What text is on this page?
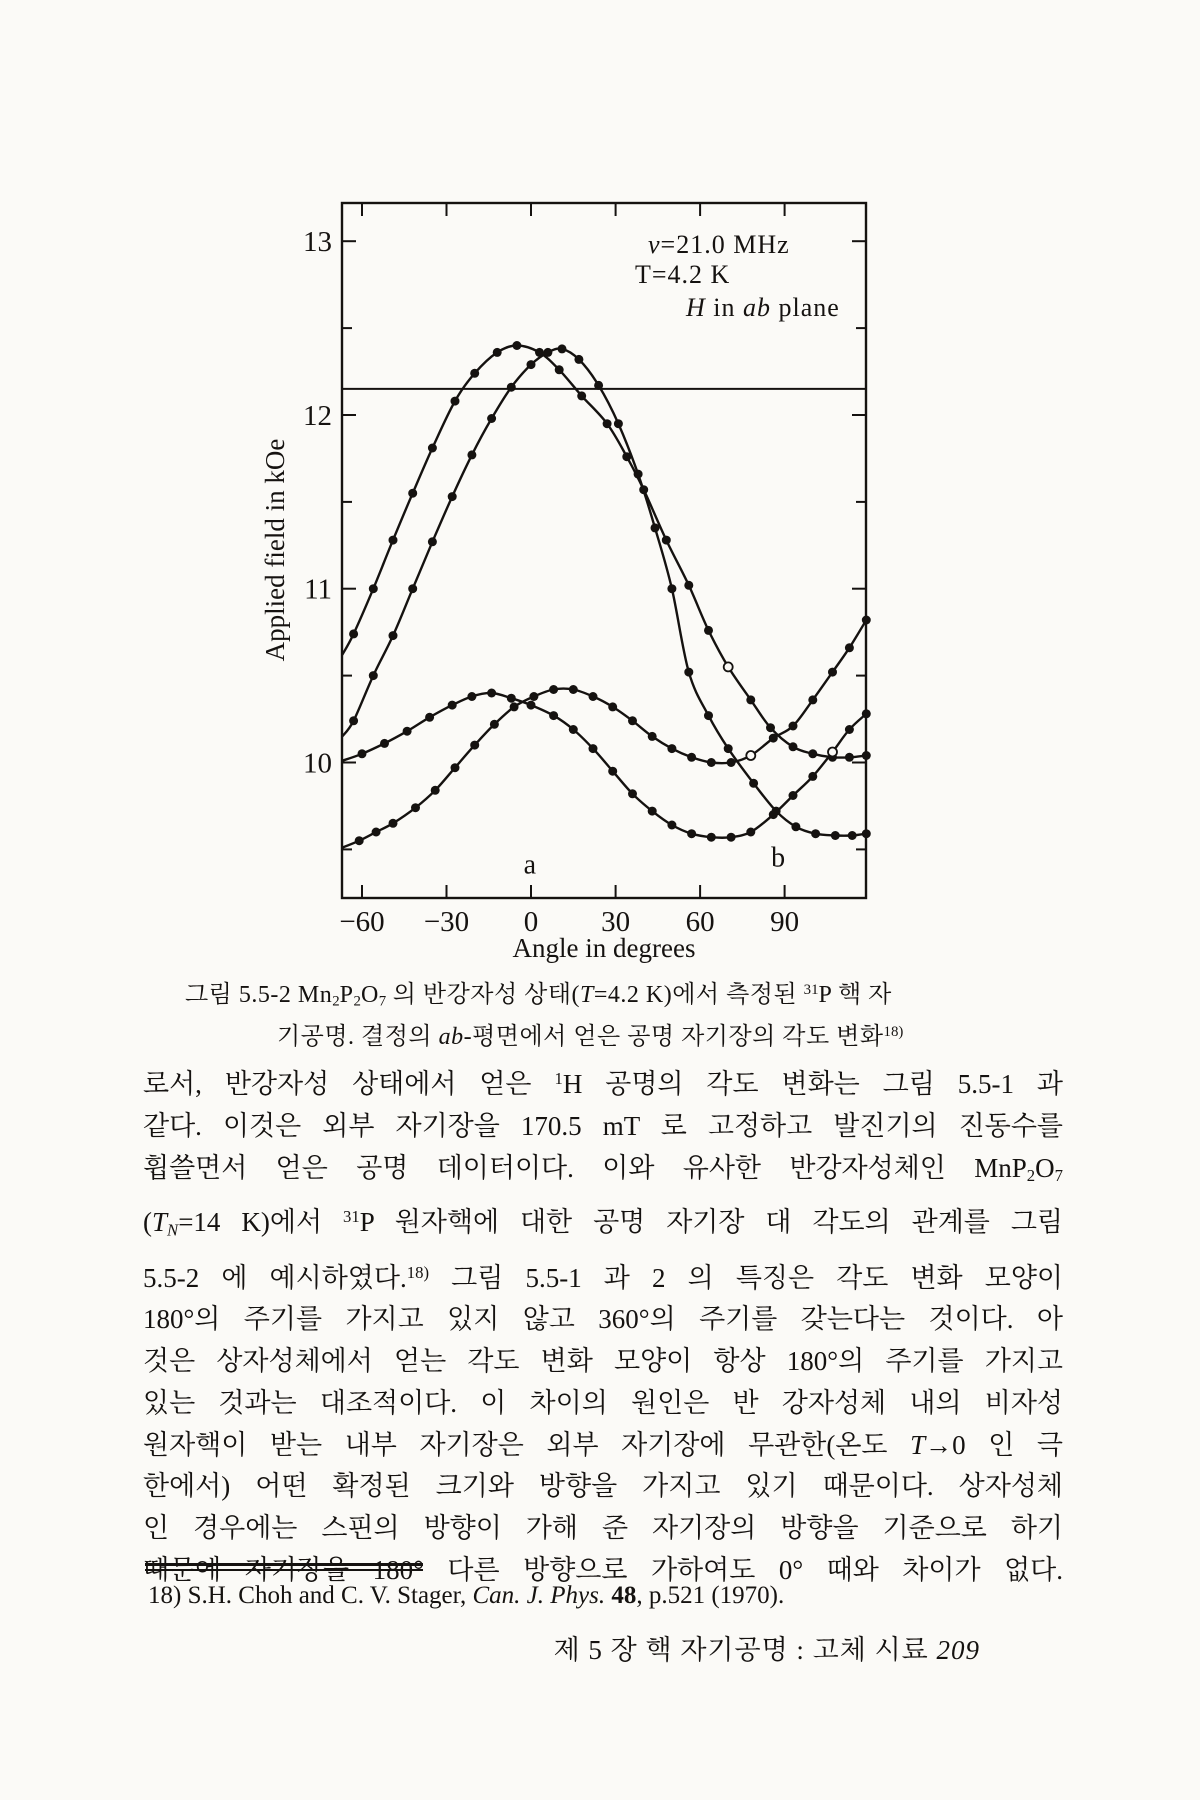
−60 −30 0 30 60 90
10
11
12
13
Angle in degrees
Applied field in kOe
a	b
ν=21.0 MHz
T=4.2 K
H in ab plane
그림 5.5-2 Mn2P2O7 의 반강자성 상태(T=4.2 K)에서 측정된 $^{31}$P 핵 자
기공명. 결정의 ab-평면에서 얻은 공명 자기장의 각도 변화$^{18)}$
로서, 반강자성 상태에서 얻은 $^1$H 공명의 각도 변화는 그림 5.5-1 과
같다. 이것은 외부 자기장을 170.5 mT 로 고정하고 발진기의 진동수를
휩쓸면서 얻은 공명 데이터이다. 이와 유사한 반강자성체인 MnP2O7
(TN=14 K)에서 $^{31}$P 원자핵에 대한 공명 자기장 대 각도의 관계를 그림
5.5-2 에 예시하였다.$^{18)}$ 그림 5.5-1 과 2 의 특징은 각도 변화 모양이
180°의 주기를 가지고 있지 않고 360°의 주기를 갖는다는 것이다. 아
것은 상자성체에서 얻는 각도 변화 모양이 항상 180°의 주기를 가지고
있는 것과는 대조적이다. 이 차이의 원인은 반 강자성체 내의 비자성
원자핵이 받는 내부 자기장은 외부 자기장에 무관한(온도 T→0 인 극
한에서) 어떤 확정된 크기와 방향을 가지고 있기 때문이다. 상자성체
인 경우에는 스핀의 방향이 가해 준 자기장의 방향을 기준으로 하기
때문에 자기장을 180° 다른 방향으로 가하여도 0° 때와 차이가 없다.
18) S.H. Choh and C. V. Stager, Can. J. Phys. 48, p.521 (1970).
제 5 장 핵 자기공명 : 고체 시료 209
